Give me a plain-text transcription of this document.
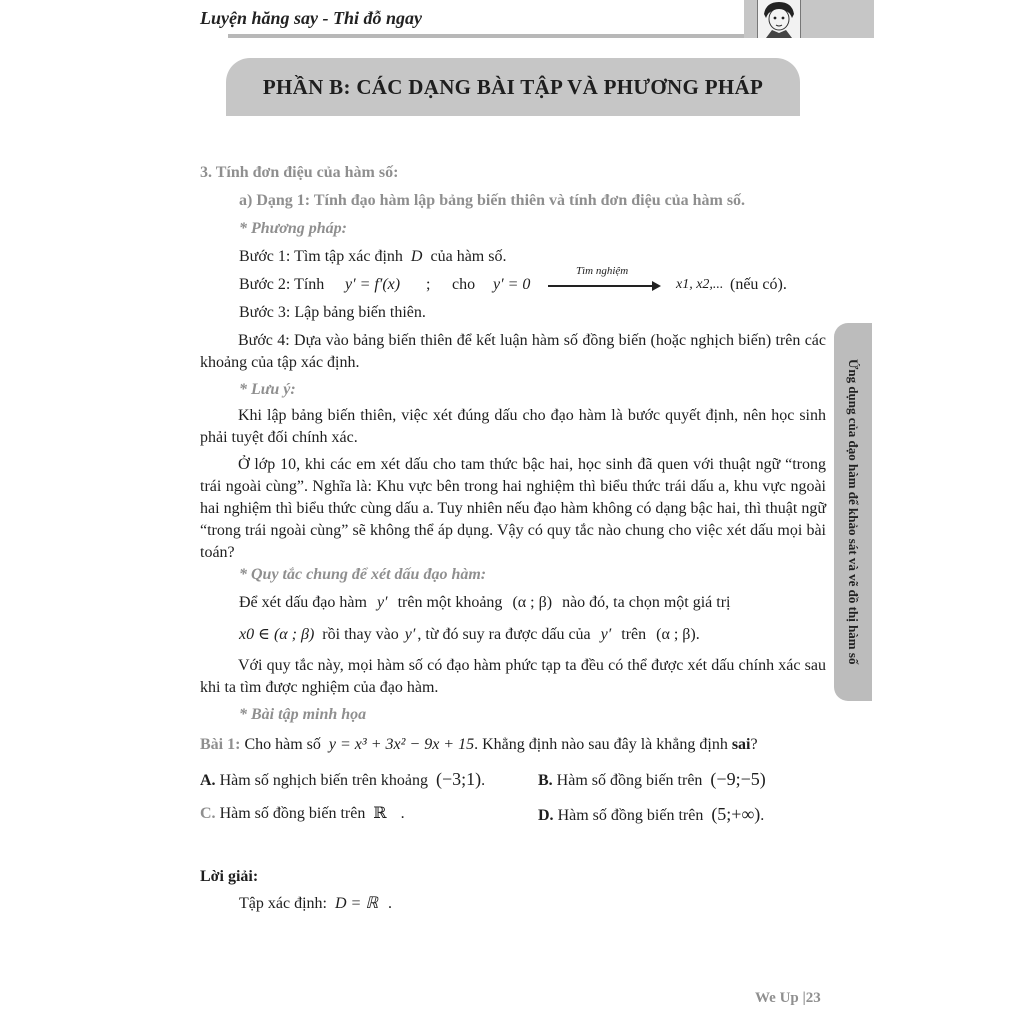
Luyện hăng say - Thi đỗ ngay
PHẦN B: CÁC DẠNG BÀI TẬP VÀ PHƯƠNG PHÁP
Ứng dụng của đạo hàm để khảo sát và vẽ đồ thị hàm số
3. Tính đơn điệu của hàm số:
a) Dạng 1: Tính đạo hàm lập bảng biến thiên và tính đơn điệu của hàm số.
* Phương pháp:
Bước 1: Tìm tập xác định D của hàm số.
Bước 2: Tính y′ = f′(x) ; cho y′ = 0
Tìm nghiệm
x1, x2,... (nếu có).
Bước 3: Lập bảng biến thiên.
Bước 4: Dựa vào bảng biến thiên để kết luận hàm số đồng biến (hoặc nghịch biến) trên các khoảng của tập xác định.
* Lưu ý:
Khi lập bảng biến thiên, việc xét đúng dấu cho đạo hàm là bước quyết định, nên học sinh phải tuyệt đối chính xác.
Ở lớp 10, khi các em xét dấu cho tam thức bậc hai, học sinh đã quen với thuật ngữ “trong trái ngoài cùng”. Nghĩa là: Khu vực bên trong hai nghiệm thì biểu thức trái dấu a, khu vực ngoài hai nghiệm thì biểu thức cùng dấu a. Tuy nhiên nếu đạo hàm không có dạng bậc hai, thì thuật ngữ “trong trái ngoài cùng” sẽ không thể áp dụng. Vậy có quy tắc nào chung cho việc xét dấu mọi bài toán?
* Quy tắc chung để xét dấu đạo hàm:
Để xét dấu đạo hàm y′ trên một khoảng (α ; β) nào đó, ta chọn một giá trị
x0 ∈ (α ; β) rồi thay vào y′ , từ đó suy ra được dấu của y′ trên (α ; β).
Với quy tắc này, mọi hàm số có đạo hàm phức tạp ta đều có thể được xét dấu chính xác sau khi ta tìm được nghiệm của đạo hàm.
* Bài tập minh họa
Bài 1: Cho hàm số y = x³ + 3x² − 9x + 15. Khẳng định nào sau đây là khẳng định sai?
A. Hàm số nghịch biến trên khoảng (−3;1).	B. Hàm số đồng biến trên (−9;−5)
C. Hàm số đồng biến trên ℝ .	D. Hàm số đồng biến trên (5;+∞).
Lời giải:
Tập xác định: D = ℝ .
We Up |23
